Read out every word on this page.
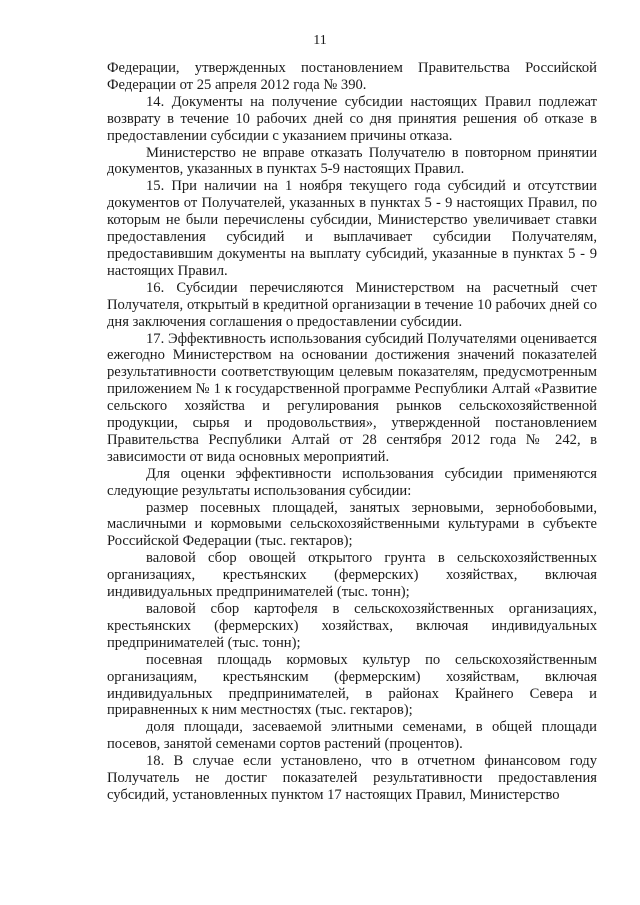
11

Федерации, утвержденных постановлением Правительства Российской Федерации от 25 апреля 2012 года № 390.

14. Документы на получение субсидии настоящих Правил подлежат возврату в течение 10 рабочих дней со дня принятия решения об отказе в предоставлении субсидии с указанием причины отказа.

Министерство не вправе отказать Получателю в повторном принятии документов, указанных в пунктах 5-9 настоящих Правил.

15. При наличии на 1 ноября текущего года субсидий и отсутствии документов от Получателей, указанных в пунктах 5 - 9 настоящих Правил, по которым не были перечислены субсидии, Министерство увеличивает ставки предоставления субсидий и выплачивает субсидии Получателям, предоставившим документы на выплату субсидий, указанные в пунктах 5 - 9 настоящих Правил.

16. Субсидии перечисляются Министерством на расчетный счет Получателя, открытый в кредитной организации в течение 10 рабочих дней со дня заключения соглашения о предоставлении субсидии.

17. Эффективность использования субсидий Получателями оценивается ежегодно Министерством на основании достижения значений показателей результативности соответствующим целевым показателям, предусмотренным приложением № 1 к государственной программе Республики Алтай «Развитие сельского хозяйства и регулирования рынков сельскохозяйственной продукции, сырья и продовольствия», утвержденной постановлением Правительства Республики Алтай от 28 сентября 2012 года № 242, в зависимости от вида основных мероприятий.

Для оценки эффективности использования субсидии применяются следующие результаты использования субсидии:

размер посевных площадей, занятых зерновыми, зернобобовыми, масличными и кормовыми сельскохозяйственными культурами в субъекте Российской Федерации (тыс. гектаров);

валовой сбор овощей открытого грунта в сельскохозяйственных организациях, крестьянских (фермерских) хозяйствах, включая индивидуальных предпринимателей (тыс. тонн);

валовой сбор картофеля в сельскохозяйственных организациях, крестьянских (фермерских) хозяйствах, включая индивидуальных предпринимателей (тыс. тонн);

посевная площадь кормовых культур по сельскохозяйственным организациям, крестьянским (фермерским) хозяйствам, включая индивидуальных предпринимателей, в районах Крайнего Севера и приравненных к ним местностях (тыс. гектаров);

доля площади, засеваемой элитными семенами, в общей площади посевов, занятой семенами сортов растений (процентов).

18. В случае если установлено, что в отчетном финансовом году Получатель не достиг показателей результативности предоставления субсидий, установленных пунктом 17 настоящих Правил, Министерство
